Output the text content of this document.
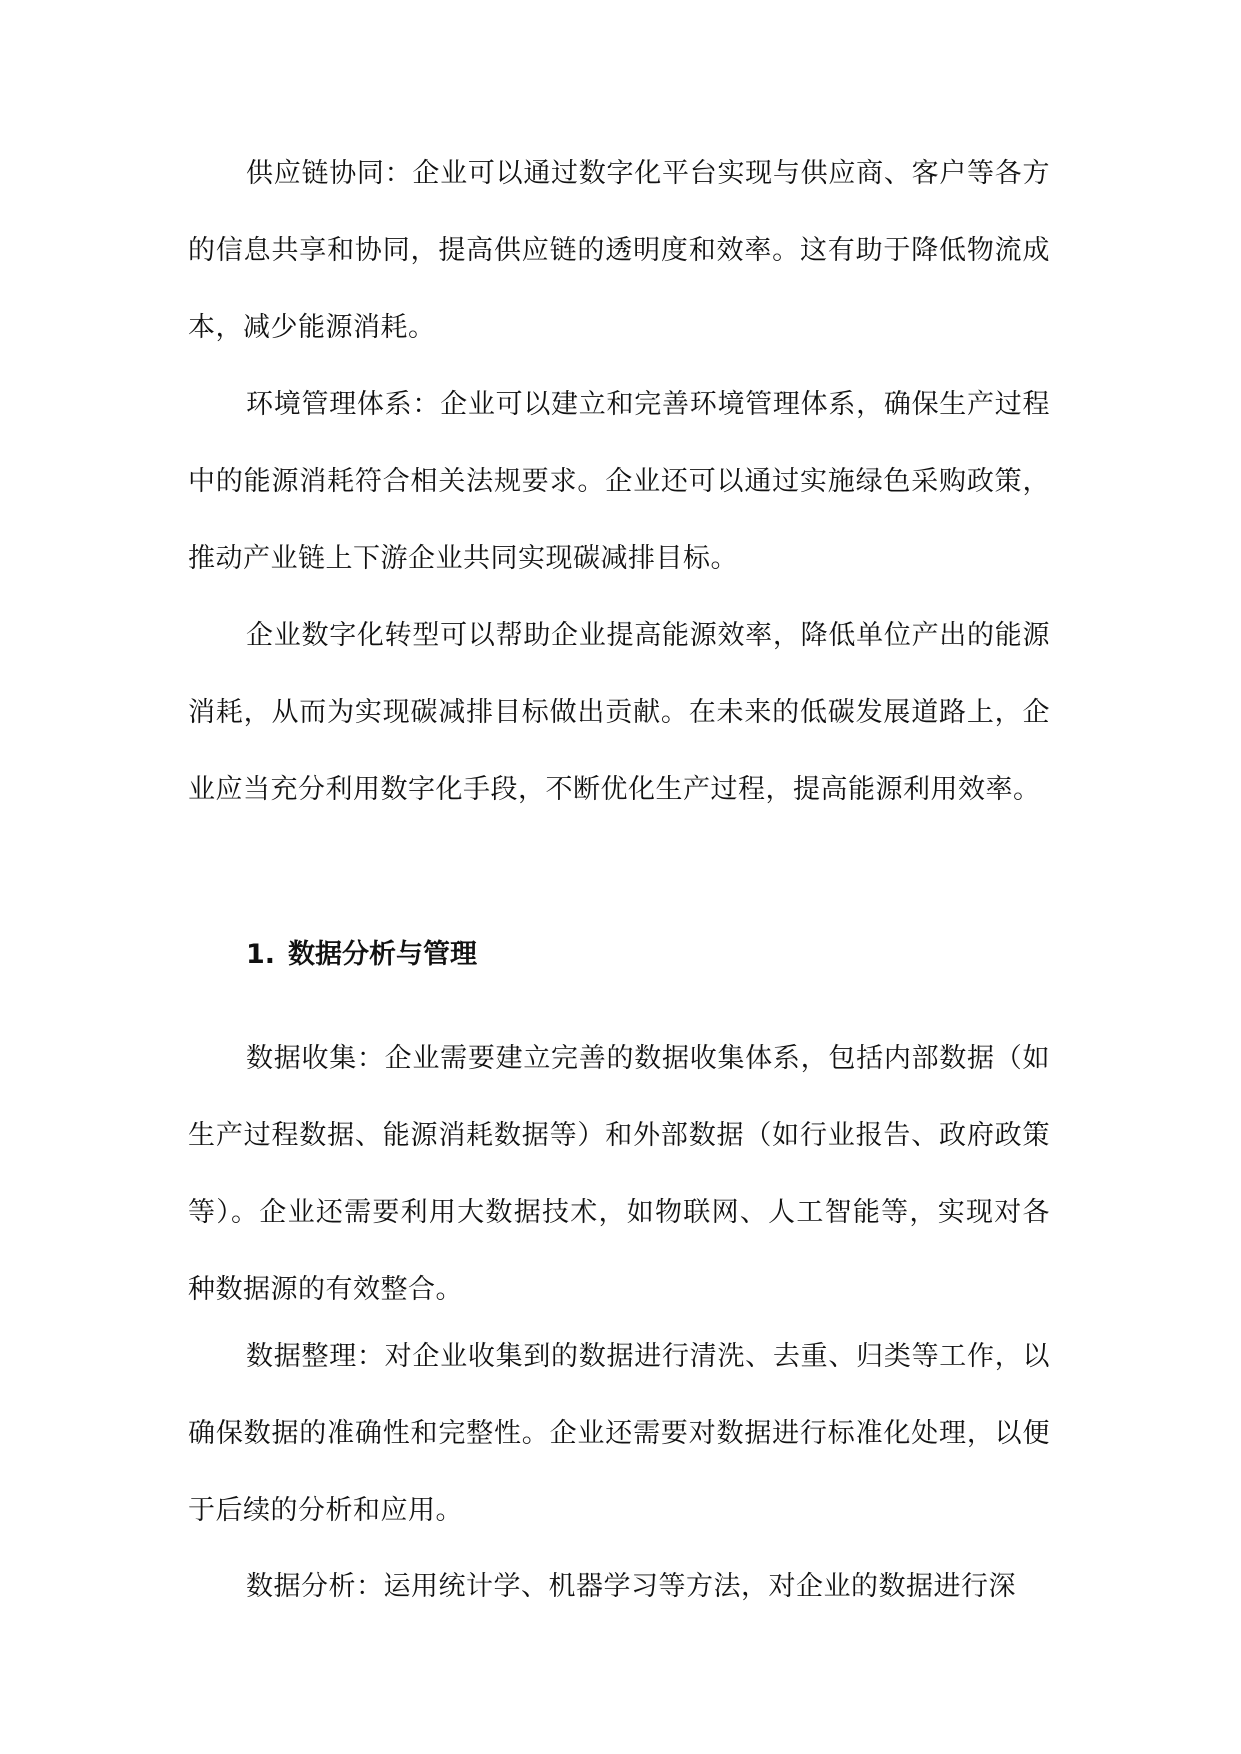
供应链协同：企业可以通过数字化平台实现与供应商、客户等各方的信息共享和协同，提高供应链的透明度和效率。这有助于降低物流成本，减少能源消耗。

环境管理体系：企业可以建立和完善环境管理体系，确保生产过程中的能源消耗符合相关法规要求。企业还可以通过实施绿色采购政策，推动产业链上下游企业共同实现碳减排目标。

企业数字化转型可以帮助企业提高能源效率，降低单位产出的能源消耗，从而为实现碳减排目标做出贡献。在未来的低碳发展道路上，企业应当充分利用数字化手段，不断优化生产过程，提高能源利用效率。

1. 数据分析与管理

数据收集：企业需要建立完善的数据收集体系，包括内部数据（如生产过程数据、能源消耗数据等）和外部数据（如行业报告、政府政策等）。企业还需要利用大数据技术，如物联网、人工智能等，实现对各种数据源的有效整合。

数据整理：对企业收集到的数据进行清洗、去重、归类等工作，以确保数据的准确性和完整性。企业还需要对数据进行标准化处理，以便于后续的分析和应用。

数据分析：运用统计学、机器学习等方法，对企业的数据进行深
